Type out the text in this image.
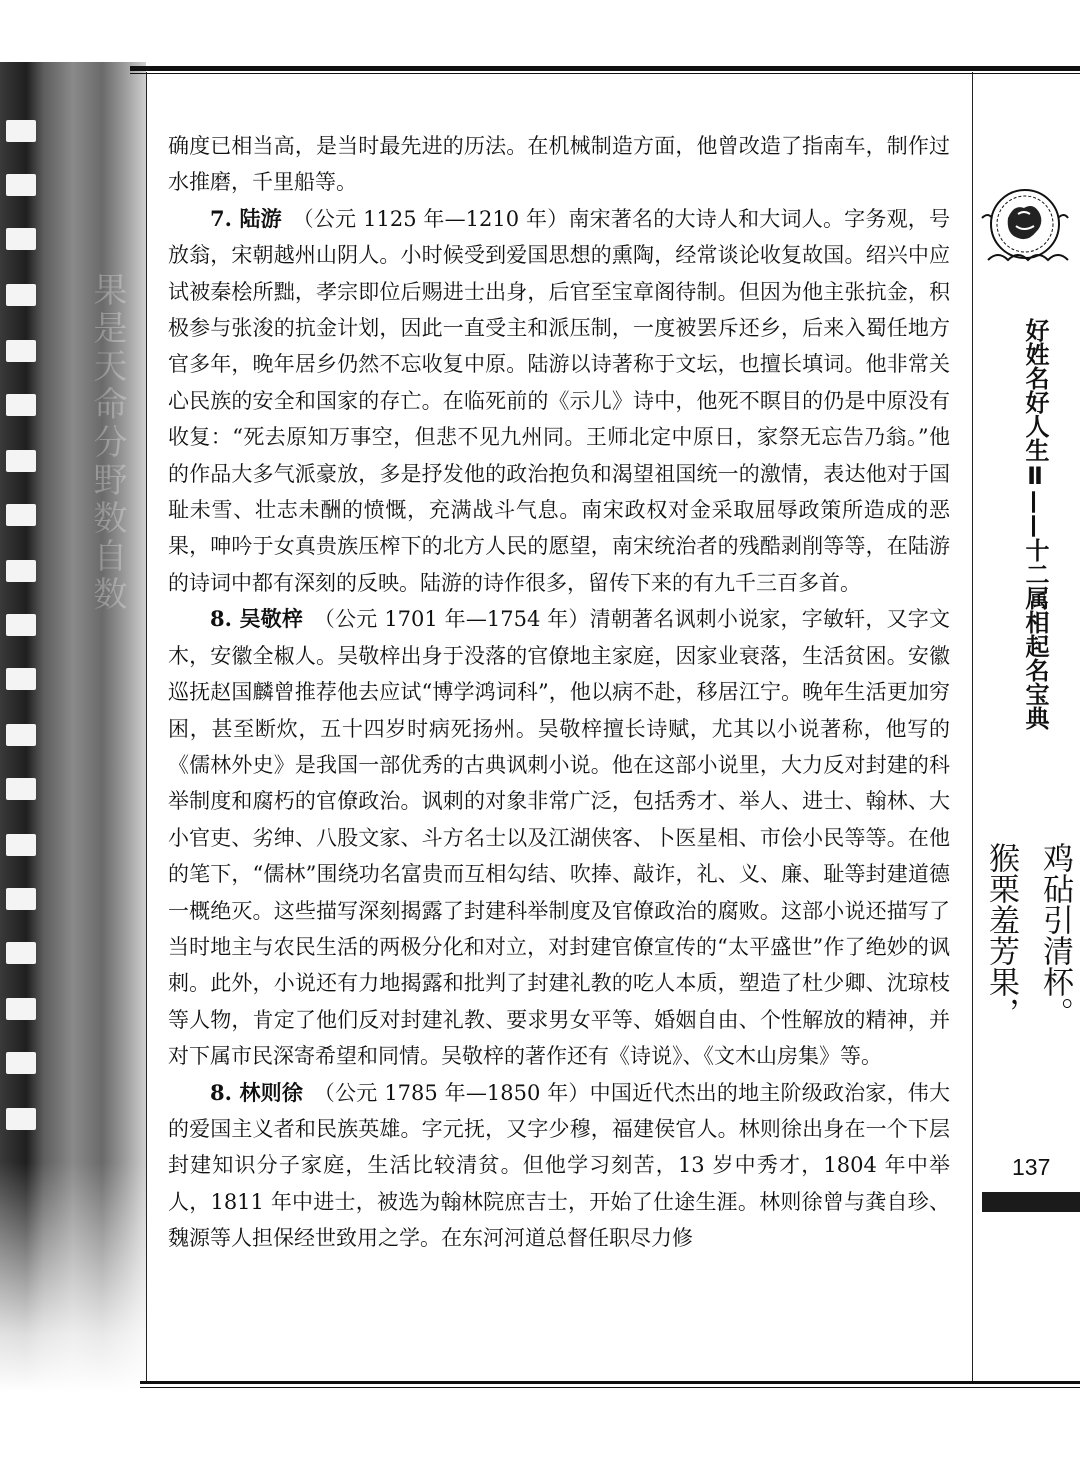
果是天命分野数自数

确度已相当高，是当时最先进的历法。在机械制造方面，他曾改造了指南车，制作过水推磨，千里船等。

7. 陆游　（公元 1125 年—1210 年）南宋著名的大诗人和大词人。字务观，号放翁，宋朝越州山阴人。小时候受到爱国思想的熏陶，经常谈论收复故国。绍兴中应试被秦桧所黜，孝宗即位后赐进士出身，后官至宝章阁待制。但因为他主张抗金，积极参与张浚的抗金计划，因此一直受主和派压制，一度被罢斥还乡，后来入蜀任地方官多年，晚年居乡仍然不忘收复中原。陆游以诗著称于文坛，也擅长填词。他非常关心民族的安全和国家的存亡。在临死前的《示儿》诗中，他死不瞑目的仍是中原没有收复：“死去原知万事空，但悲不见九州同。王师北定中原日，家祭无忘告乃翁。”他的作品大多气派豪放，多是抒发他的政治抱负和渴望祖国统一的激情，表达他对于国耻未雪、壮志未酬的愤慨，充满战斗气息。南宋政权对金采取屈辱政策所造成的恶果，呻吟于女真贵族压榨下的北方人民的愿望，南宋统治者的残酷剥削等等，在陆游的诗词中都有深刻的反映。陆游的诗作很多，留传下来的有九千三百多首。

8. 吴敬梓　（公元 1701 年—1754 年）清朝著名讽刺小说家，字敏轩，又字文木，安徽全椒人。吴敬梓出身于没落的官僚地主家庭，因家业衰落，生活贫困。安徽巡抚赵国麟曾推荐他去应试“博学鸿词科”，他以病不赴，移居江宁。晚年生活更加穷困，甚至断炊，五十四岁时病死扬州。吴敬梓擅长诗赋，尤其以小说著称，他写的《儒林外史》是我国一部优秀的古典讽刺小说。他在这部小说里，大力反对封建的科举制度和腐朽的官僚政治。讽刺的对象非常广泛，包括秀才、举人、进士、翰林、大小官吏、劣绅、八股文家、斗方名士以及江湖侠客、卜医星相、市侩小民等等。在他的笔下，“儒林”围绕功名富贵而互相勾结、吹捧、敲诈，礼、义、廉、耻等封建道德一概绝灭。这些描写深刻揭露了封建科举制度及官僚政治的腐败。这部小说还描写了当时地主与农民生活的两极分化和对立，对封建官僚宣传的“太平盛世”作了绝妙的讽刺。此外，小说还有力地揭露和批判了封建礼教的吃人本质，塑造了杜少卿、沈琼枝等人物，肯定了他们反对封建礼教、要求男女平等、婚姻自由、个性解放的精神，并对下属市民深寄希望和同情。吴敬梓的著作还有《诗说》、《文木山房集》等。

8. 林则徐　（公元 1785 年—1850 年）中国近代杰出的地主阶级政治家，伟大的爱国主义者和民族英雄。字元抚，又字少穆，福建侯官人。林则徐出身在一个下层封建知识分子家庭，生活比较清贫。但他学习刻苦，13 岁中秀才，1804 年中举人，1811 年中进士，被选为翰林院庶吉士，开始了仕途生涯。林则徐曾与龚自珍、魏源等人担保经世致用之学。在东河河道总督任职尽力修

好姓名好人生Ⅱ——十二属相起名宝典
鸡砧引清杯。
猴栗羞芳果，
137
